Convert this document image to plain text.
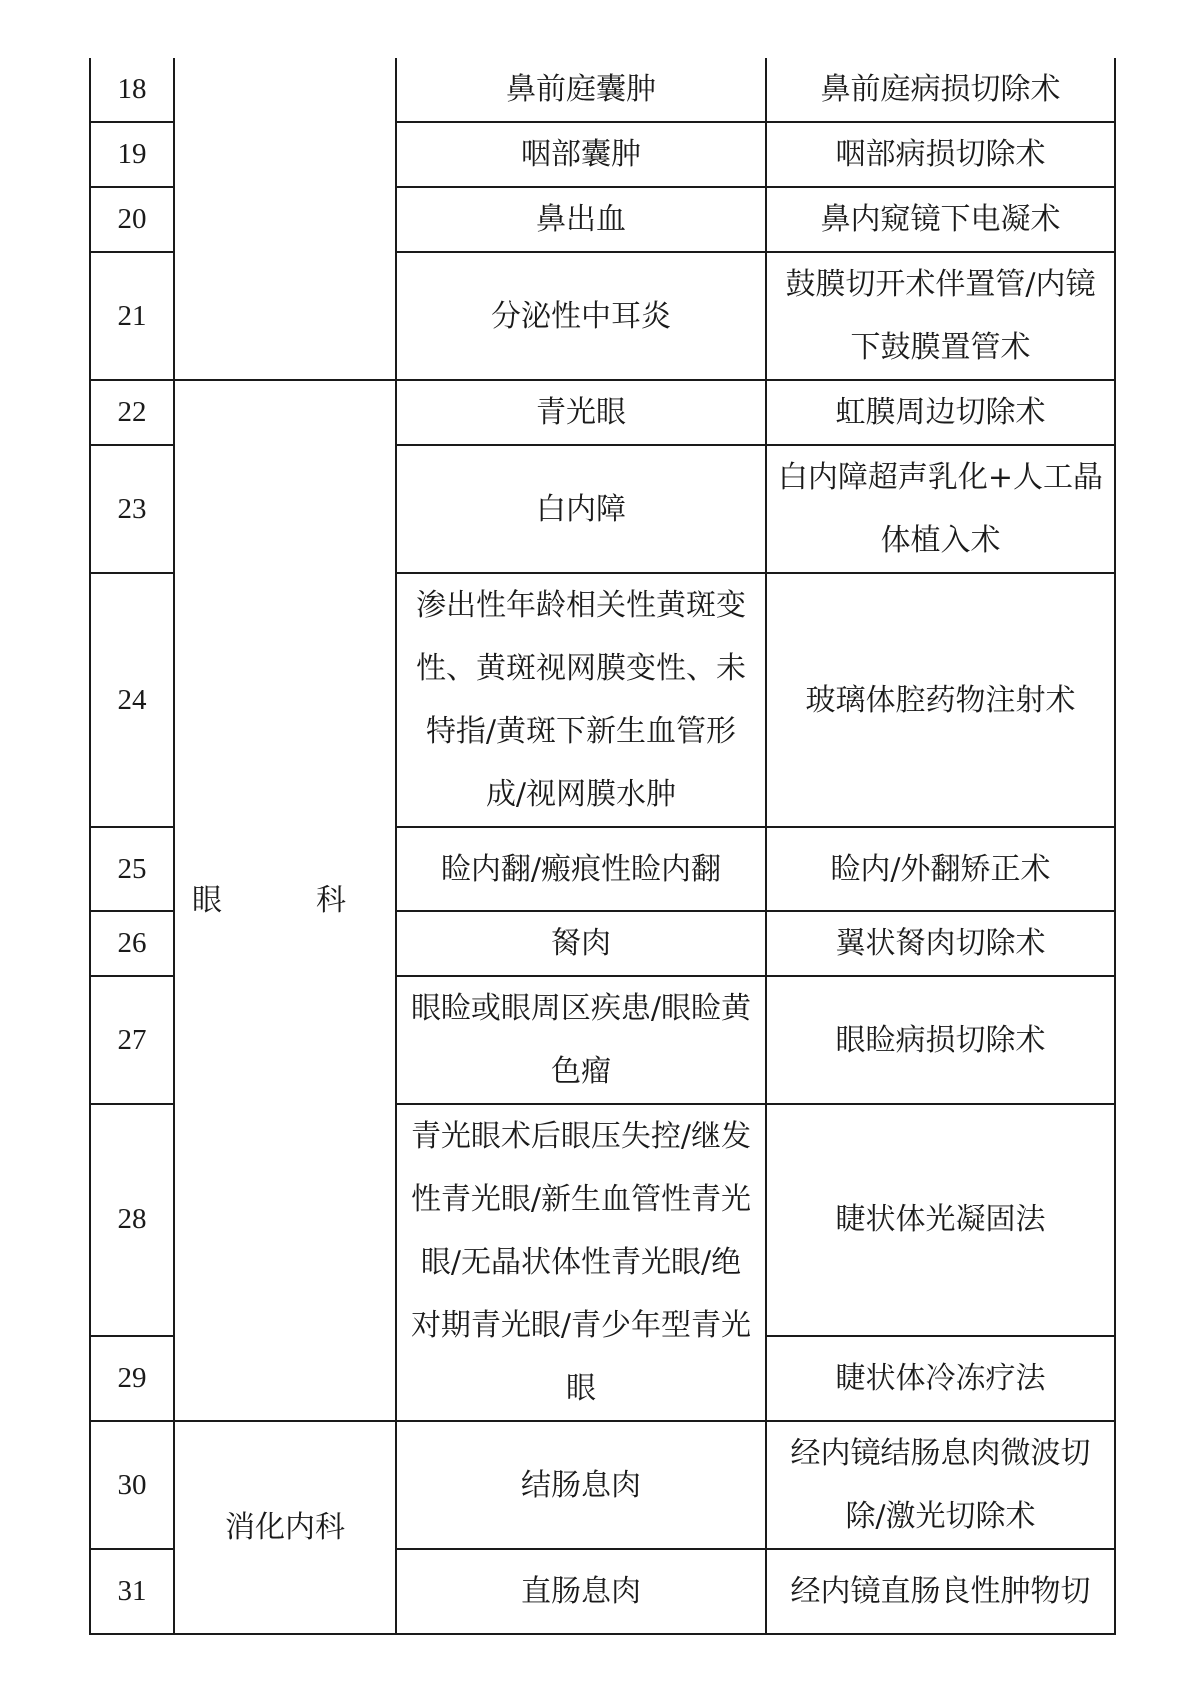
18		鼻前庭囊肿	鼻前庭病损切除术
19		咽部囊肿	咽部病损切除术
20		鼻出血	鼻内窥镜下电凝术
21		分泌性中耳炎	鼓膜切开术伴置管/内镜下鼓膜置管术
22	眼　科	青光眼	虹膜周边切除术
23		白内障	白内障超声乳化+人工晶体植入术
24		渗出性年龄相关性黄斑变性、黄斑视网膜变性、未特指/黄斑下新生血管形成/视网膜水肿	玻璃体腔药物注射术
25		睑内翻/瘢痕性睑内翻	睑内/外翻矫正术
26		胬肉	翼状胬肉切除术
27		眼睑或眼周区疾患/眼睑黄色瘤	眼睑病损切除术
28		青光眼术后眼压失控/继发性青光眼/新生血管性青光眼/无晶状体性青光眼/绝对期青光眼/青少年型青光眼	睫状体光凝固法
29			睫状体冷冻疗法
30	消化内科	结肠息肉	经内镜结肠息肉微波切除/激光切除术
31		直肠息肉	经内镜直肠良性肿物切
